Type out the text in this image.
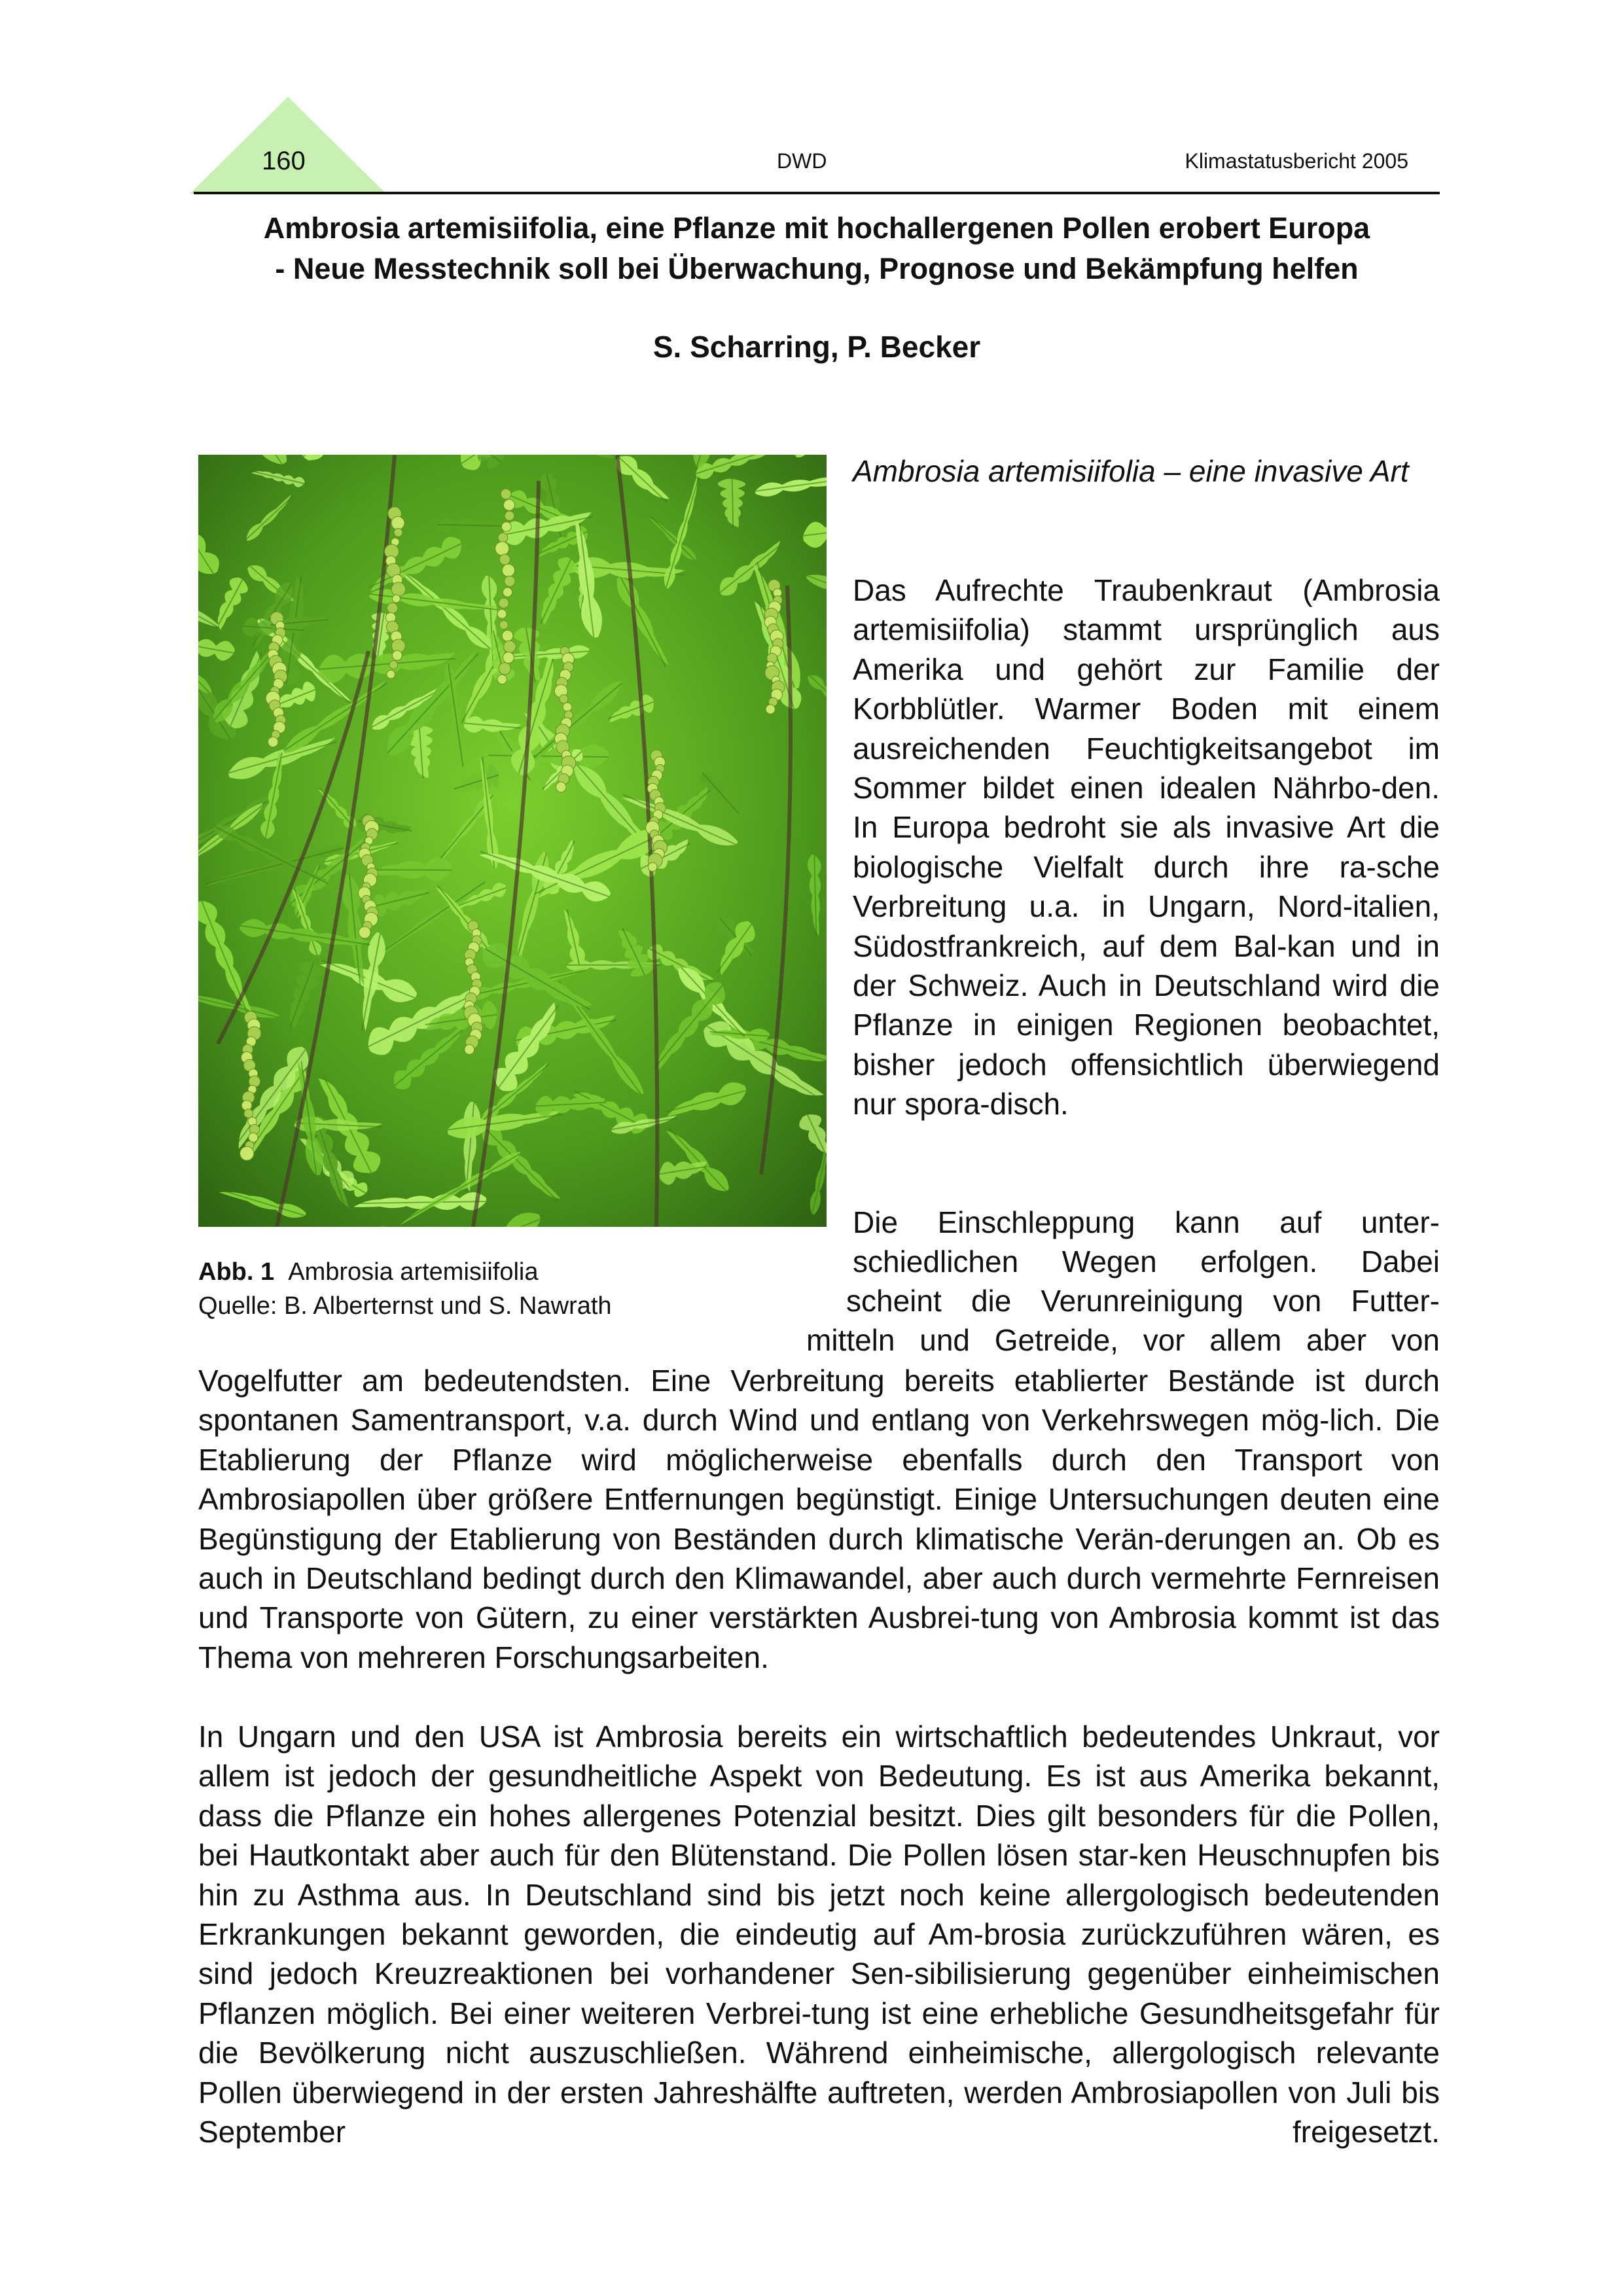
160	DWD	Klimastatusbericht 2005
Ambrosia artemisiifolia, eine Pflanze mit hochallergenen Pollen erobert Europa
- Neue Messtechnik soll bei Überwachung, Prognose und Bekämpfung helfen
S. Scharring, P. Becker
Abb. 1 Ambrosia artemisiifolia
Quelle: B. Alberternst und S. Nawrath
Ambrosia artemisiifolia – eine invasive Art
Das Aufrechte Traubenkraut (Ambrosia artemisiifolia) stammt ursprünglich aus Amerika und gehört zur Familie der Korbblütler. Warmer Boden mit einem ausreichenden Feuchtigkeitsangebot im Sommer bildet einen idealen Nährbo-den. In Europa bedroht sie als invasive Art die biologische Vielfalt durch ihre ra-sche Verbreitung u.a. in Ungarn, Nord-italien, Südostfrankreich, auf dem Bal-kan und in der Schweiz. Auch in Deutschland wird die Pflanze in einigen Regionen beobachtet, bisher jedoch offensichtlich überwiegend nur spora-disch.
Die Einschleppung kann auf unter-
schiedlichen Wegen erfolgen. Dabei
scheint die Verunreinigung von Futter-
mitteln und Getreide, vor allem aber von
Vogelfutter am bedeutendsten. Eine Verbreitung bereits etablierter Bestände ist durch spontanen Samentransport, v.a. durch Wind und entlang von Verkehrswegen mög-lich. Die Etablierung der Pflanze wird möglicherweise ebenfalls durch den Transport von Ambrosiapollen über größere Entfernungen begünstigt. Einige Untersuchungen deuten eine Begünstigung der Etablierung von Beständen durch klimatische Verän-derungen an. Ob es auch in Deutschland bedingt durch den Klimawandel, aber auch durch vermehrte Fernreisen und Transporte von Gütern, zu einer verstärkten Ausbrei-tung von Ambrosia kommt ist das Thema von mehreren Forschungsarbeiten.
In Ungarn und den USA ist Ambrosia bereits ein wirtschaftlich bedeutendes Unkraut, vor allem ist jedoch der gesundheitliche Aspekt von Bedeutung. Es ist aus Amerika bekannt, dass die Pflanze ein hohes allergenes Potenzial besitzt. Dies gilt besonders für die Pollen, bei Hautkontakt aber auch für den Blütenstand. Die Pollen lösen star-ken Heuschnupfen bis hin zu Asthma aus. In Deutschland sind bis jetzt noch keine allergologisch bedeutenden Erkrankungen bekannt geworden, die eindeutig auf Am-brosia zurückzuführen wären, es sind jedoch Kreuzreaktionen bei vorhandener Sen-sibilisierung gegenüber einheimischen Pflanzen möglich. Bei einer weiteren Verbrei-tung ist eine erhebliche Gesundheitsgefahr für die Bevölkerung nicht auszuschließen. Während einheimische, allergologisch relevante Pollen überwiegend in der ersten Jahreshälfte auftreten, werden Ambrosiapollen von Juli bis September freigesetzt.
